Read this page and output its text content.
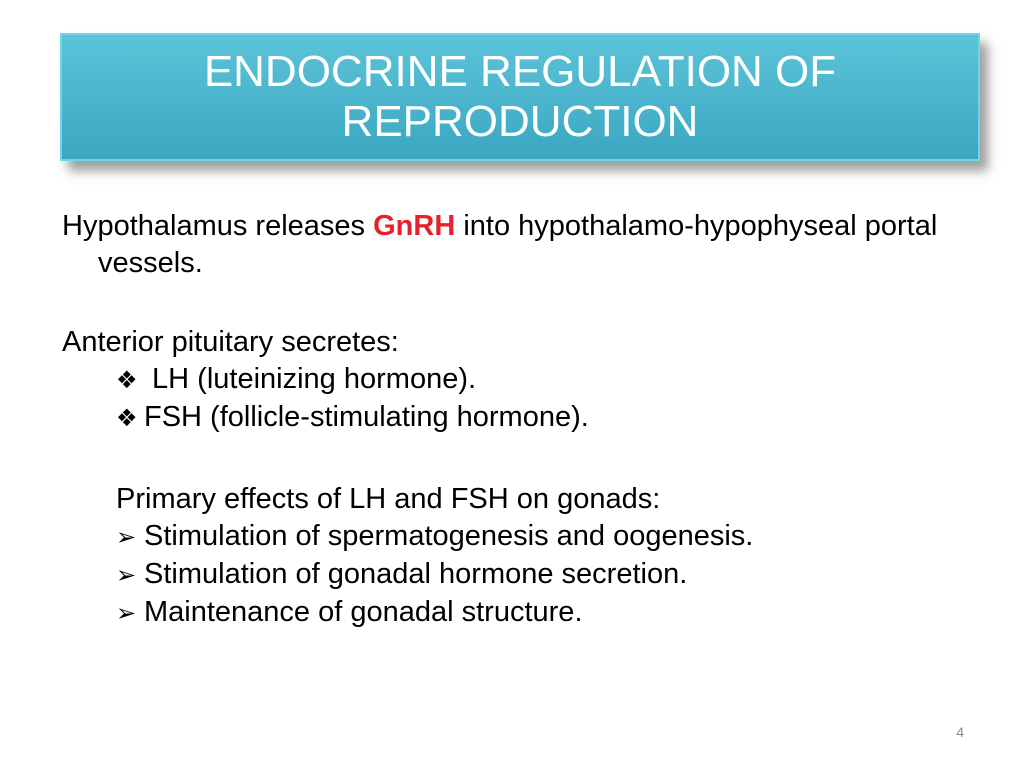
ENDOCRINE REGULATION OF REPRODUCTION

Hypothalamus releases GnRH into hypothalamo-hypophyseal portal vessels.

Anterior pituitary secretes:

❖ LH (luteinizing hormone).

❖ FSH (follicle-stimulating hormone).

Primary effects of LH and FSH on gonads:

➢ Stimulation of spermatogenesis and oogenesis.

➢ Stimulation of gonadal hormone secretion.

➢ Maintenance of gonadal structure.

4
